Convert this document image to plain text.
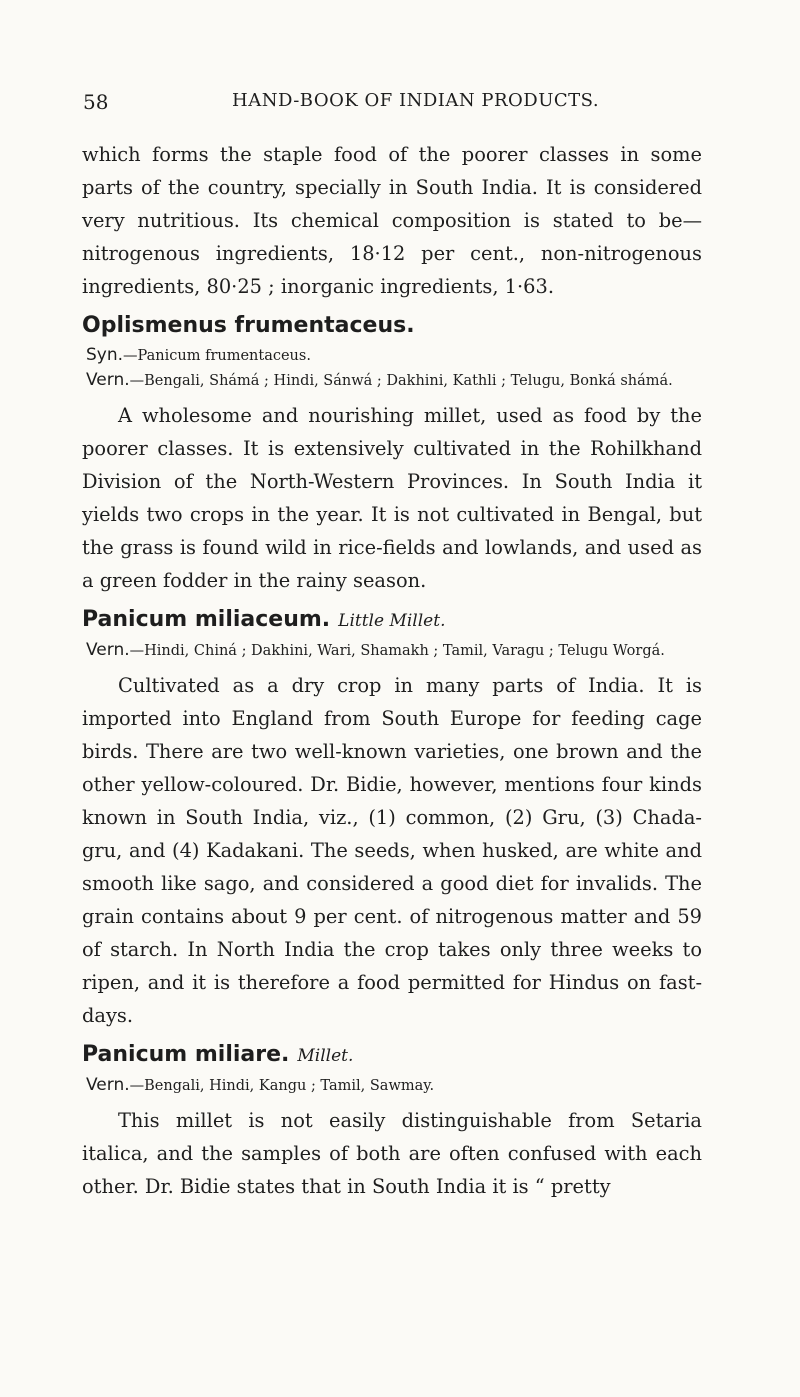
58	HAND-BOOK OF INDIAN PRODUCTS.

which forms the staple food of the poorer classes in some parts of the country, specially in South India. It is considered very nutritious. Its chemical composition is stated to be—nitrogenous ingredients, 18·12 per cent., non-nitrogenous ingredients, 80·25 ; inorganic ingredients, 1·63.

Oplismenus frumentaceus.

Syn.—Panicum frumentaceus.

Vern.—Bengali, Shámá ; Hindi, Sánwá ; Dakhini, Kathli ; Telugu, Bonká shámá.

A wholesome and nourishing millet, used as food by the poorer classes. It is extensively cultivated in the Rohilkhand Division of the North-Western Provinces. In South India it yields two crops in the year. It is not cultivated in Bengal, but the grass is found wild in rice-fields and lowlands, and used as a green fodder in the rainy season.

Panicum miliaceum. Little Millet.

Vern.—Hindi, Chiná ; Dakhini, Wari, Shamakh ; Tamil, Varagu ; Telugu Worgá.

Cultivated as a dry crop in many parts of India. It is imported into England from South Europe for feeding cage birds. There are two well-known varieties, one brown and the other yellow-coloured. Dr. Bidie, however, mentions four kinds known in South India, viz., (1) common, (2) Gru, (3) Chada-gru, and (4) Kadakani. The seeds, when husked, are white and smooth like sago, and considered a good diet for invalids. The grain contains about 9 per cent. of nitrogenous matter and 59 of starch. In North India the crop takes only three weeks to ripen, and it is therefore a food permitted for Hindus on fast-days.

Panicum miliare. Millet.

Vern.—Bengali, Hindi, Kangu ; Tamil, Sawmay.

This millet is not easily distinguishable from Setaria italica, and the samples of both are often confused with each other. Dr. Bidie states that in South India it is “ pretty
